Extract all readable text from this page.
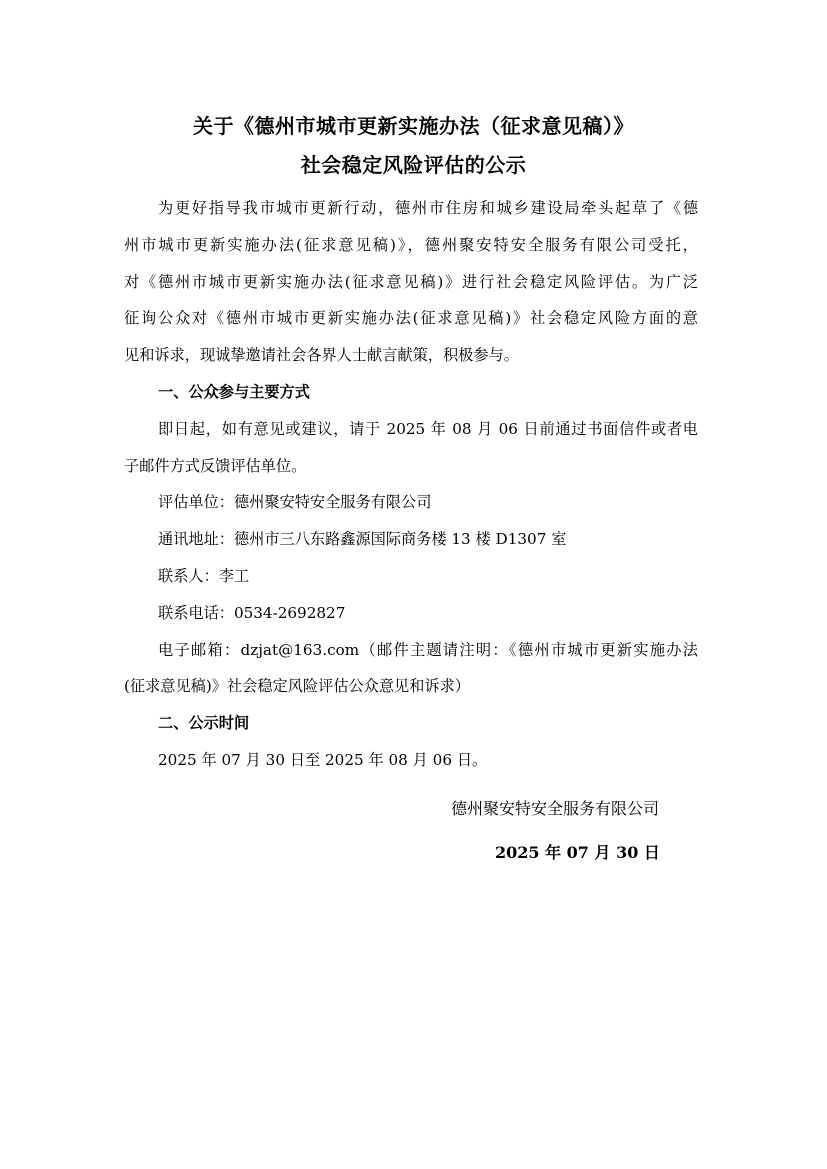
关于《德州市城市更新实施办法（征求意见稿）》
社会稳定风险评估的公示
为更好指导我市城市更新行动，德州市住房和城乡建设局牵头起草了《德
州市城市更新实施办法(征求意见稿)》，德州聚安特安全服务有限公司受托，
对《德州市城市更新实施办法(征求意见稿)》进行社会稳定风险评估。为广泛
征询公众对《德州市城市更新实施办法(征求意见稿)》社会稳定风险方面的意
见和诉求，现诚挚邀请社会各界人士献言献策，积极参与。
一、公众参与主要方式
即日起，如有意见或建议，请于 2025 年 08 月 06 日前通过书面信件或者电
子邮件方式反馈评估单位。
评估单位：德州聚安特安全服务有限公司
通讯地址：德州市三八东路鑫源国际商务楼 13 楼 D1307 室
联系人：李工
联系电话：0534-2692827
电子邮箱：dzjat@163.com（邮件主题请注明：《德州市城市更新实施办法
(征求意见稿)》社会稳定风险评估公众意见和诉求）
二、公示时间
2025 年 07 月 30 日至 2025 年 08 月 06 日。
德州聚安特安全服务有限公司
2025 年 07 月 30 日
